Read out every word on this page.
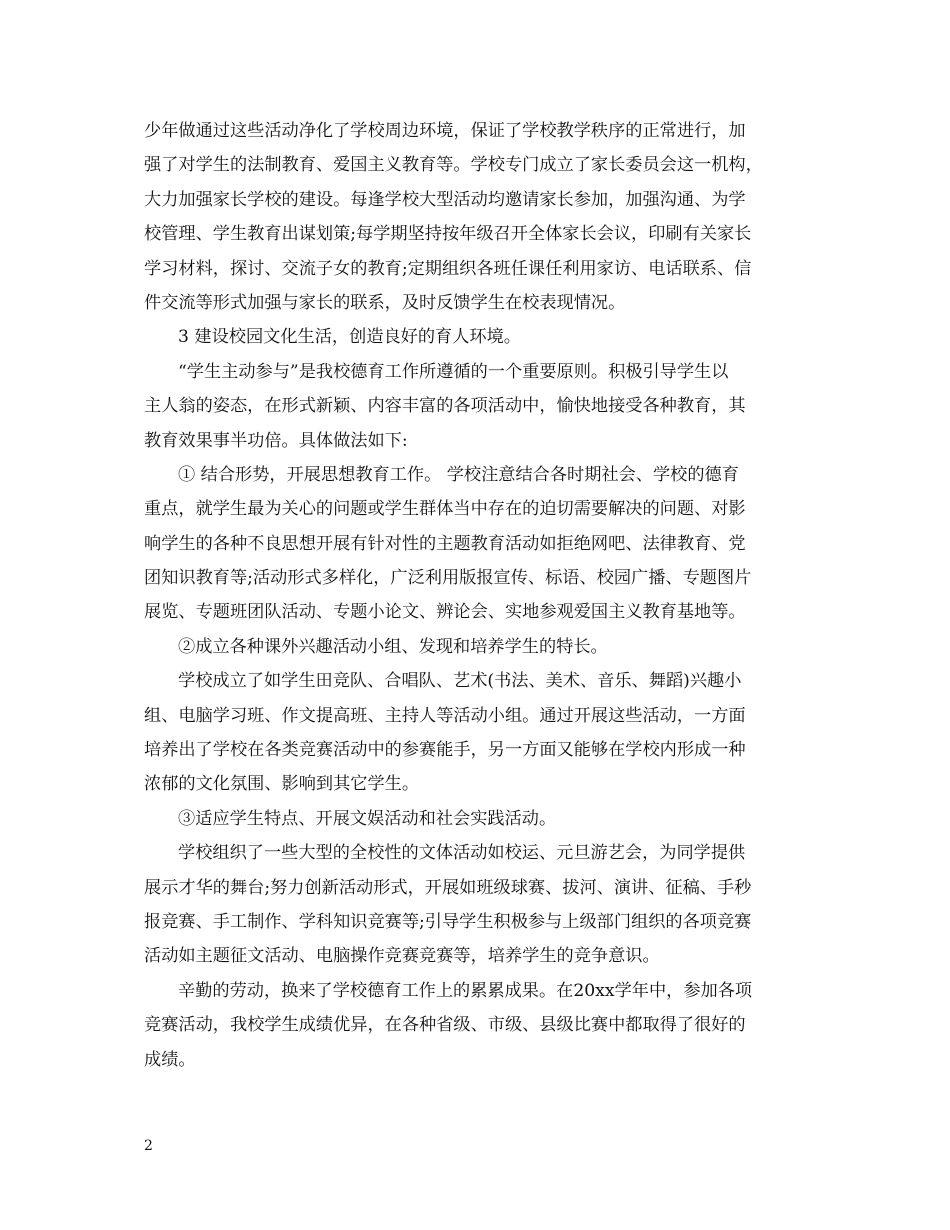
少年做通过这些活动净化了学校周边环境，保证了学校教学秩序的正常进行，加
强了对学生的法制教育、爱国主义教育等。学校专门成立了家长委员会这一机构，
大力加强家长学校的建设。每逢学校大型活动均邀请家长参加，加强沟通、为学
校管理、学生教育出谋划策;每学期坚持按年级召开全体家长会议，印刷有关家长
学习材料，探讨、交流子女的教育;定期组织各班任课任利用家访、电话联系、信
件交流等形式加强与家长的联系，及时反馈学生在校表现情况。
3 建设校园文化生活，创造良好的育人环境。
“学生主动参与”是我校德育工作所遵循的一个重要原则。积极引导学生以
主人翁的姿态，在形式新颖、内容丰富的各项活动中，愉快地接受各种教育，其
教育效果事半功倍。具体做法如下:
① 结合形势，开展思想教育工作。 学校注意结合各时期社会、学校的德育
重点，就学生最为关心的问题或学生群体当中存在的迫切需要解决的问题、对影
响学生的各种不良思想开展有针对性的主题教育活动如拒绝网吧、法律教育、党
团知识教育等;活动形式多样化，广泛利用版报宣传、标语、校园广播、专题图片
展览、专题班团队活动、专题小论文、辨论会、实地参观爱国主义教育基地等。
②成立各种课外兴趣活动小组、发现和培养学生的特长。
学校成立了如学生田竞队、合唱队、艺术(书法、美术、音乐、舞蹈)兴趣小
组、电脑学习班、作文提高班、主持人等活动小组。通过开展这些活动，一方面
培养出了学校在各类竞赛活动中的参赛能手，另一方面又能够在学校内形成一种
浓郁的文化氛围、影响到其它学生。
③适应学生特点、开展文娱活动和社会实践活动。
学校组织了一些大型的全校性的文体活动如校运、元旦游艺会，为同学提供
展示才华的舞台;努力创新活动形式，开展如班级球赛、拔河、演讲、征稿、手秒
报竞赛、手工制作、学科知识竞赛等;引导学生积极参与上级部门组织的各项竞赛
活动如主题征文活动、电脑操作竞赛竞赛等，培养学生的竞争意识。
辛勤的劳动，换来了学校德育工作上的累累成果。在20xx学年中，参加各项
竞赛活动，我校学生成绩优异，在各种省级、市级、县级比赛中都取得了很好的
成绩。
2
